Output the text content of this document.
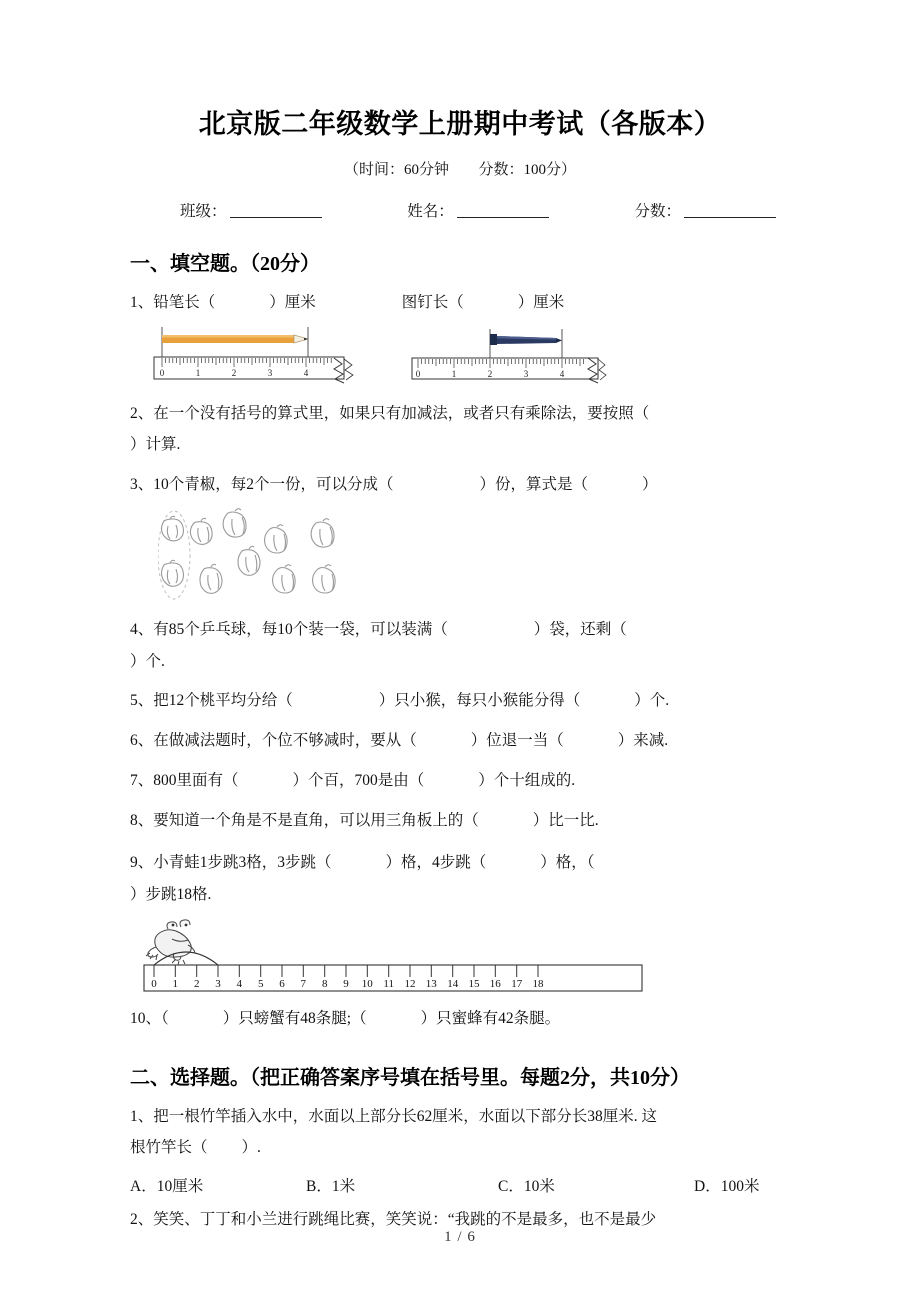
北京版二年级数学上册期中考试（各版本）
（时间：60分钟 分数：100分）
班级：	姓名：	分数：
一、填空题。（20分）
1、铅笔长（	）厘米	图钉长（	）厘米
0	1	2	3	4	0	1	2	3	4
2、在一个没有括号的算式里，如果只有加减法，或者只有乘除法，要按照（
）计算.
3、10个青椒，每2个一份，可以分成（	）份，算式是（	）
4、有85个乒乓球，每10个装一袋，可以装满（	）袋，还剩（
）个.
5、把12个桃平均分给（	）只小猴，每只小猴能分得（	）个.
6、在做减法题时，个位不够减时，要从（	）位退一当（	）来减.
7、800里面有（	）个百，700是由（	）个十组成的.
8、要知道一个角是不是直角，可以用三角板上的（	）比一比.
9、小青蛙1步跳3格，3步跳（	）格，4步跳（	）格，（
）步跳18格.
0 1 2 3 4 5 6 7 8 9 10 11 12 13 14 15 16 17 18
10、（	）只螃蟹有48条腿;（	）只蜜蜂有42条腿。
二、选择题。（把正确答案序号填在括号里。每题2分，共10分）
1、把一根竹竿插入水中，水面以上部分长62厘米，水面以下部分长38厘米. 这
根竹竿长（ ）.
A．10厘米	B．1米	C．10米	D．100米
2、笑笑、丁丁和小兰进行跳绳比赛，笑笑说：“我跳的不是最多，也不是最少
1 / 6
